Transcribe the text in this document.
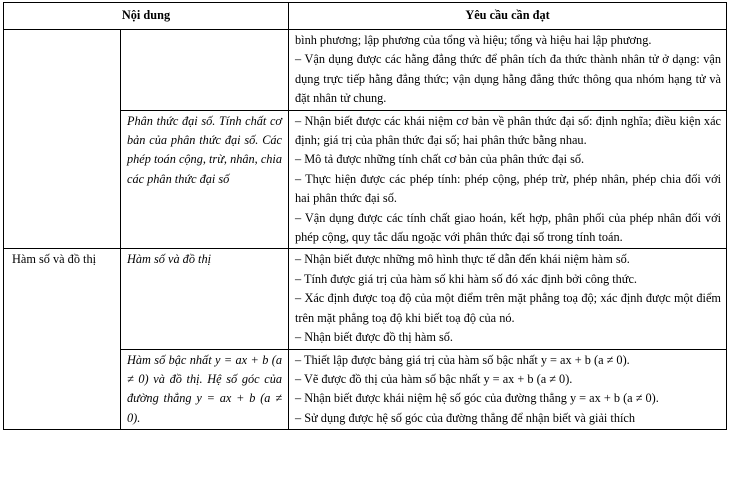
Nội dung		Yêu cầu cần đạt

		bình phương; lập phương của tổng và hiệu; tổng và hiệu hai lập phương.

– Vận dụng được các hằng đẳng thức để phân tích đa thức thành nhân tử ở dạng: vận dụng trực tiếp hằng đẳng thức; vận dụng hằng đẳng thức thông qua nhóm hạng tử và đặt nhân tử chung.

	Phân thức đại số. Tính chất cơ bản của phân thức đại số. Các phép toán cộng, trừ, nhân, chia các phân thức đại số	– Nhận biết được các khái niệm cơ bản về phân thức đại số: định nghĩa; điều kiện xác định; giá trị của phân thức đại số; hai phân thức bằng nhau.

– Mô tả được những tính chất cơ bản của phân thức đại số.

– Thực hiện được các phép tính: phép cộng, phép trừ, phép nhân, phép chia đối với hai phân thức đại số.

– Vận dụng được các tính chất giao hoán, kết hợp, phân phối của phép nhân đối với phép cộng, quy tắc dấu ngoặc với phân thức đại số trong tính toán.

Hàm số và đồ thị	Hàm số và đồ thị	– Nhận biết được những mô hình thực tế dẫn đến khái niệm hàm số.

– Tính được giá trị của hàm số khi hàm số đó xác định bởi công thức.

– Xác định được toạ độ của một điểm trên mặt phẳng toạ độ; xác định được một điểm trên mặt phẳng toạ độ khi biết toạ độ của nó.

– Nhận biết được đồ thị hàm số.

	Hàm số bậc nhất y = ax + b (a ≠ 0) và đồ thị. Hệ số góc của đường thẳng y = ax + b (a ≠ 0).	– Thiết lập được bảng giá trị của hàm số bậc nhất y = ax + b (a ≠ 0).

– Vẽ được đồ thị của hàm số bậc nhất y = ax + b (a ≠ 0).

– Nhận biết được khái niệm hệ số góc của đường thẳng y = ax + b (a ≠ 0).

– Sử dụng được hệ số góc của đường thẳng để nhận biết và giải thích
